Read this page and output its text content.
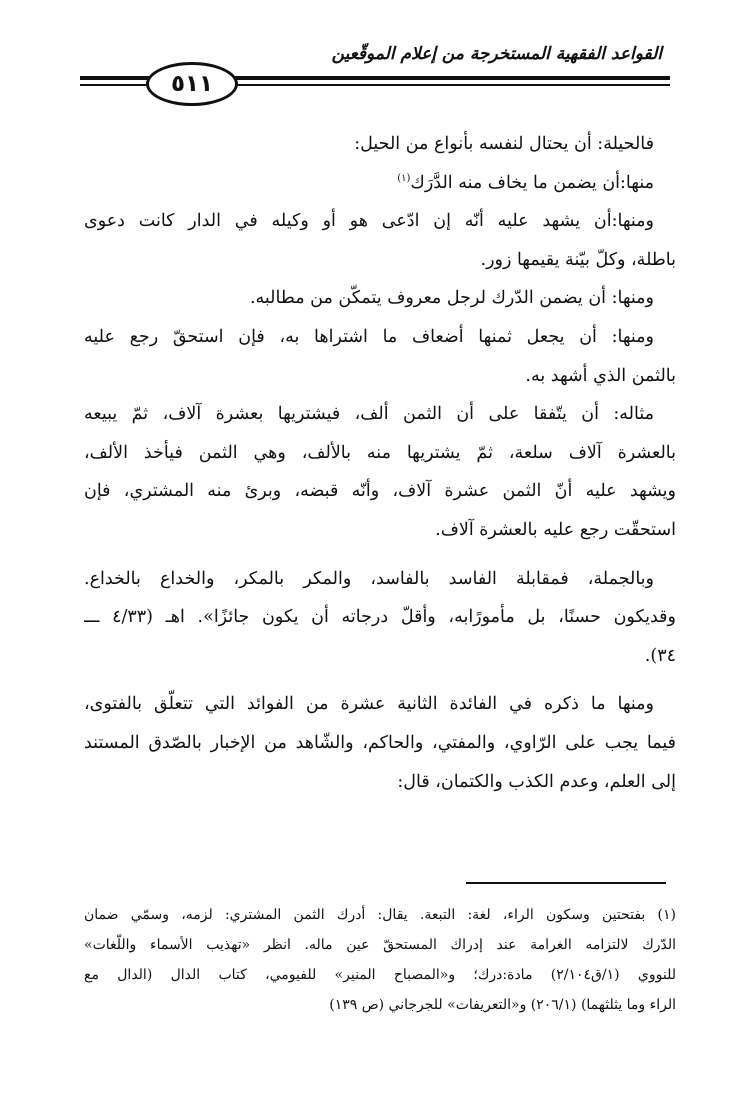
القواعد الفقهية المستخرجة من إعلام الموقّعين
٥١١
فالحيلة: أن يحتال لنفسه بأنواع من الحيل:
منها:أن يضمن ما يخاف منه الدَّرَك$^{(١)}$
ومنها:أن يشهد عليه أنّه إن ادّعى هو أو وكيله في الدار كانت دعوى
باطلة، وكلّ بيّنة يقيمها زور.
ومنها: أن يضمن الدّرك لرجل معروف يتمكّن من مطالبه.
ومنها: أن يجعل ثمنها أضعاف ما اشتراها به، فإن استحقّ رجع عليه
بالثمن الذي أشهد به.
مثاله: أن يتّفقا على أن الثمن ألف، فيشتريها بعشرة آلاف، ثمّ يبيعه
بالعشرة آلاف سلعة، ثمّ يشتريها منه بالألف، وهي الثمن فيأخذ الألف،
ويشهد عليه أنّ الثمن عشرة آلاف، وأنّه قبضه، وبرئ منه المشتري، فإن
استحقّت رجع عليه بالعشرة آلاف.
وبالجملة، فمقابلة الفاسد بالفاسد، والمكر بالمكر، والخداع بالخداع.
وقديكون حسنًا، بل مأمورًابه، وأقلّ درجاته أن يكون جائزًا». اهـ (٤/٣٣ ـــ
٣٤).
ومنها ما ذكره في الفائدة الثانية عشرة من الفوائد التي تتعلّق بالفتوى،
فيما يجب على الرّاوي، والمفتي، والحاكم، والشّاهد من الإخبار بالصّدق المستند
إلى العلم، وعدم الكذب والكتمان، قال:
(١) بفتحتين وسكون الراء، لغة: التبعة. يقال: أدرك الثمن المشتري: لزمه، وسمّي ضمان
الدّرك لالتزامه الغرامة عند إدراك المستحقّ عين ماله. انظر «تهذيب الأسماء واللّغات»
للنووي (١/ق٢/١٠٤) مادة:درك؛ و«المصباح المنير» للفيومي، كتاب الدال (الدال مع
الراء وما يثلثهما) (٢٠٦/١) و«التعريفات» للجرجاني (ص ١٣٩)
